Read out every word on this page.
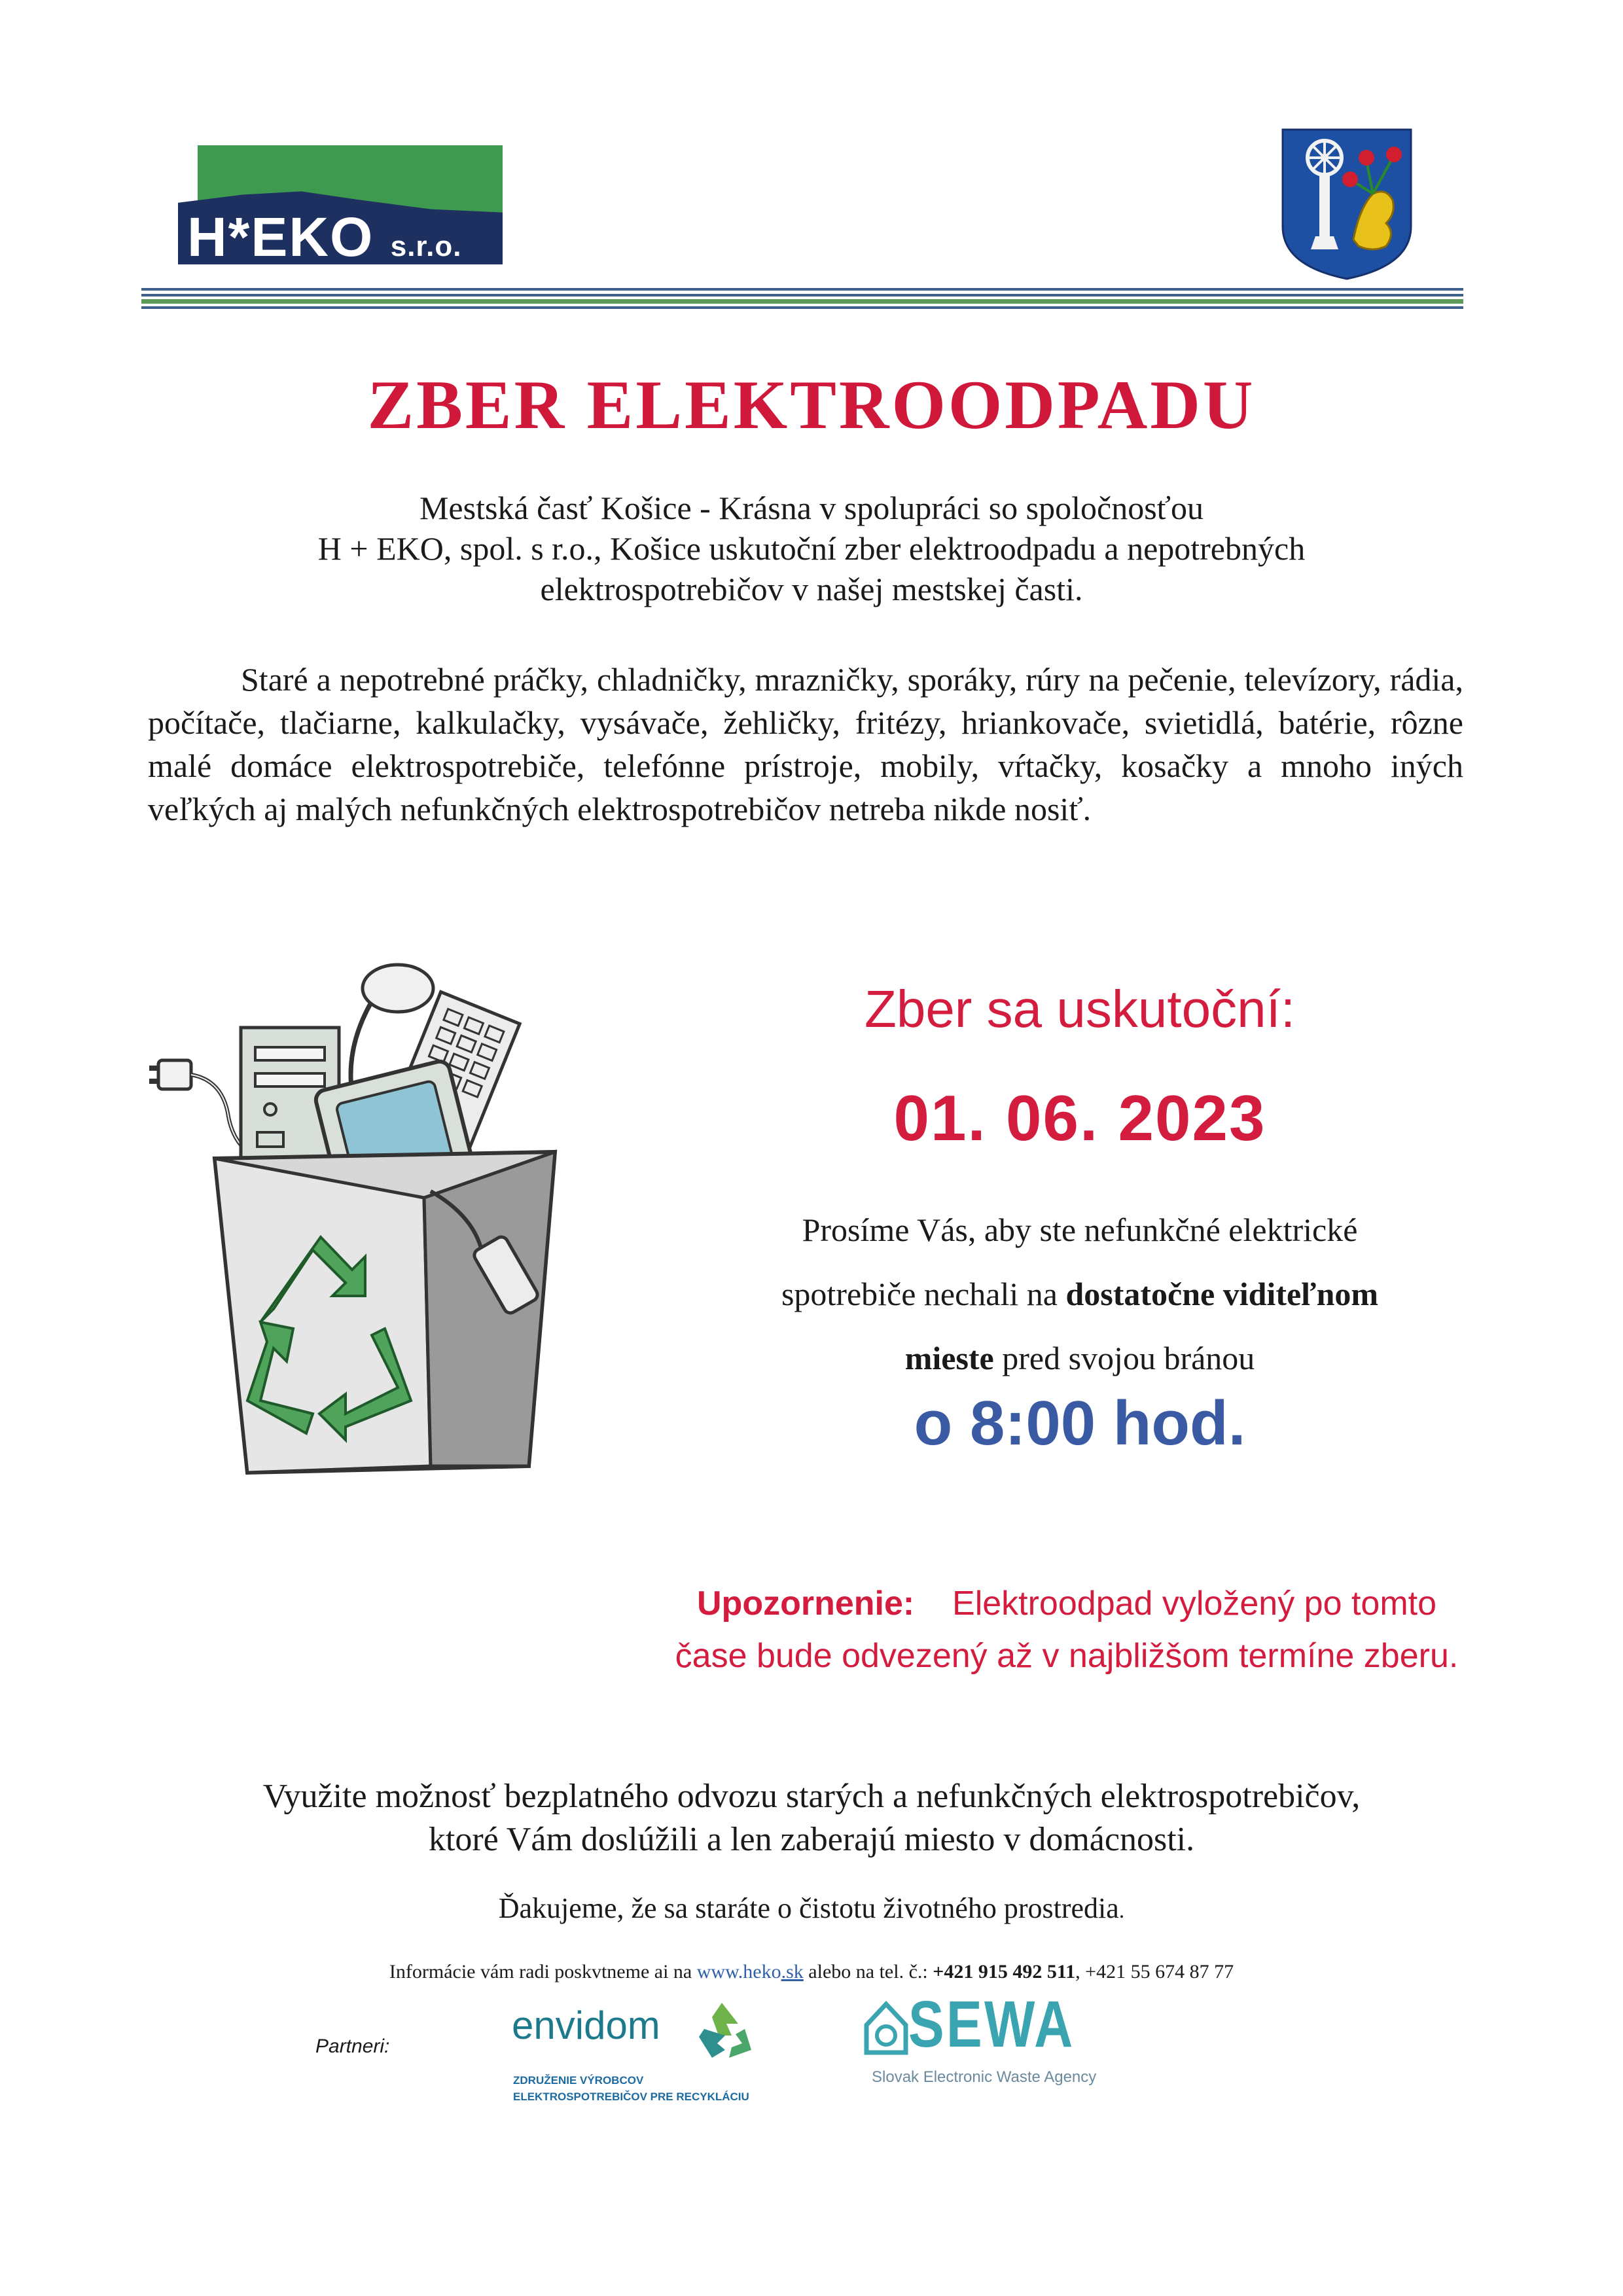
H*EKO s.r.o.
ZBER ELEKTROODPADU
Mestská časť Košice - Krásna v spolupráci so spoločnosťou
H + EKO, spol. s r.o., Košice uskutoční zber elektroodpadu a nepotrebných
elektrospotrebičov v našej mestskej časti.
Staré a nepotrebné práčky, chladničky, mrazničky, sporáky, rúry na pečenie, televízory, rádia, počítače, tlačiarne, kalkulačky, vysávače, žehličky, fritézy, hriankovače, svietidlá, batérie, rôzne malé domáce elektrospotrebiče, telefónne prístroje, mobily, vŕtačky, kosačky a mnoho iných veľkých aj malých nefunkčných elektrospotrebičov netreba nikde nosiť.
Zber sa uskutoční:
01. 06. 2023
Prosíme Vás, aby ste nefunkčné elektrické
spotrebiče nechali na dostatočne viditeľnom
mieste pred svojou bránou
o 8:00 hod.
Upozornenie: Elektroodpad vyložený po tomto
čase bude odvezený až v najbližšom termíne zberu.
Využite možnosť bezplatného odvozu starých a nefunkčných elektrospotrebičov,
ktoré Vám doslúžili a len zaberajú miesto v domácnosti.
Ďakujeme, že sa staráte o čistotu životného prostredia.
Informácie vám radi poskvtneme ai na www.heko.sk alebo na tel. č.: +421 915 492 511, +421 55 674 87 77
Partneri:	envidom
ZDRUŽENIE VÝROBCOV
ELEKTROSPOTREBIČOV PRE RECYKLÁCIU
SEWA
Slovak Electronic Waste Agency
